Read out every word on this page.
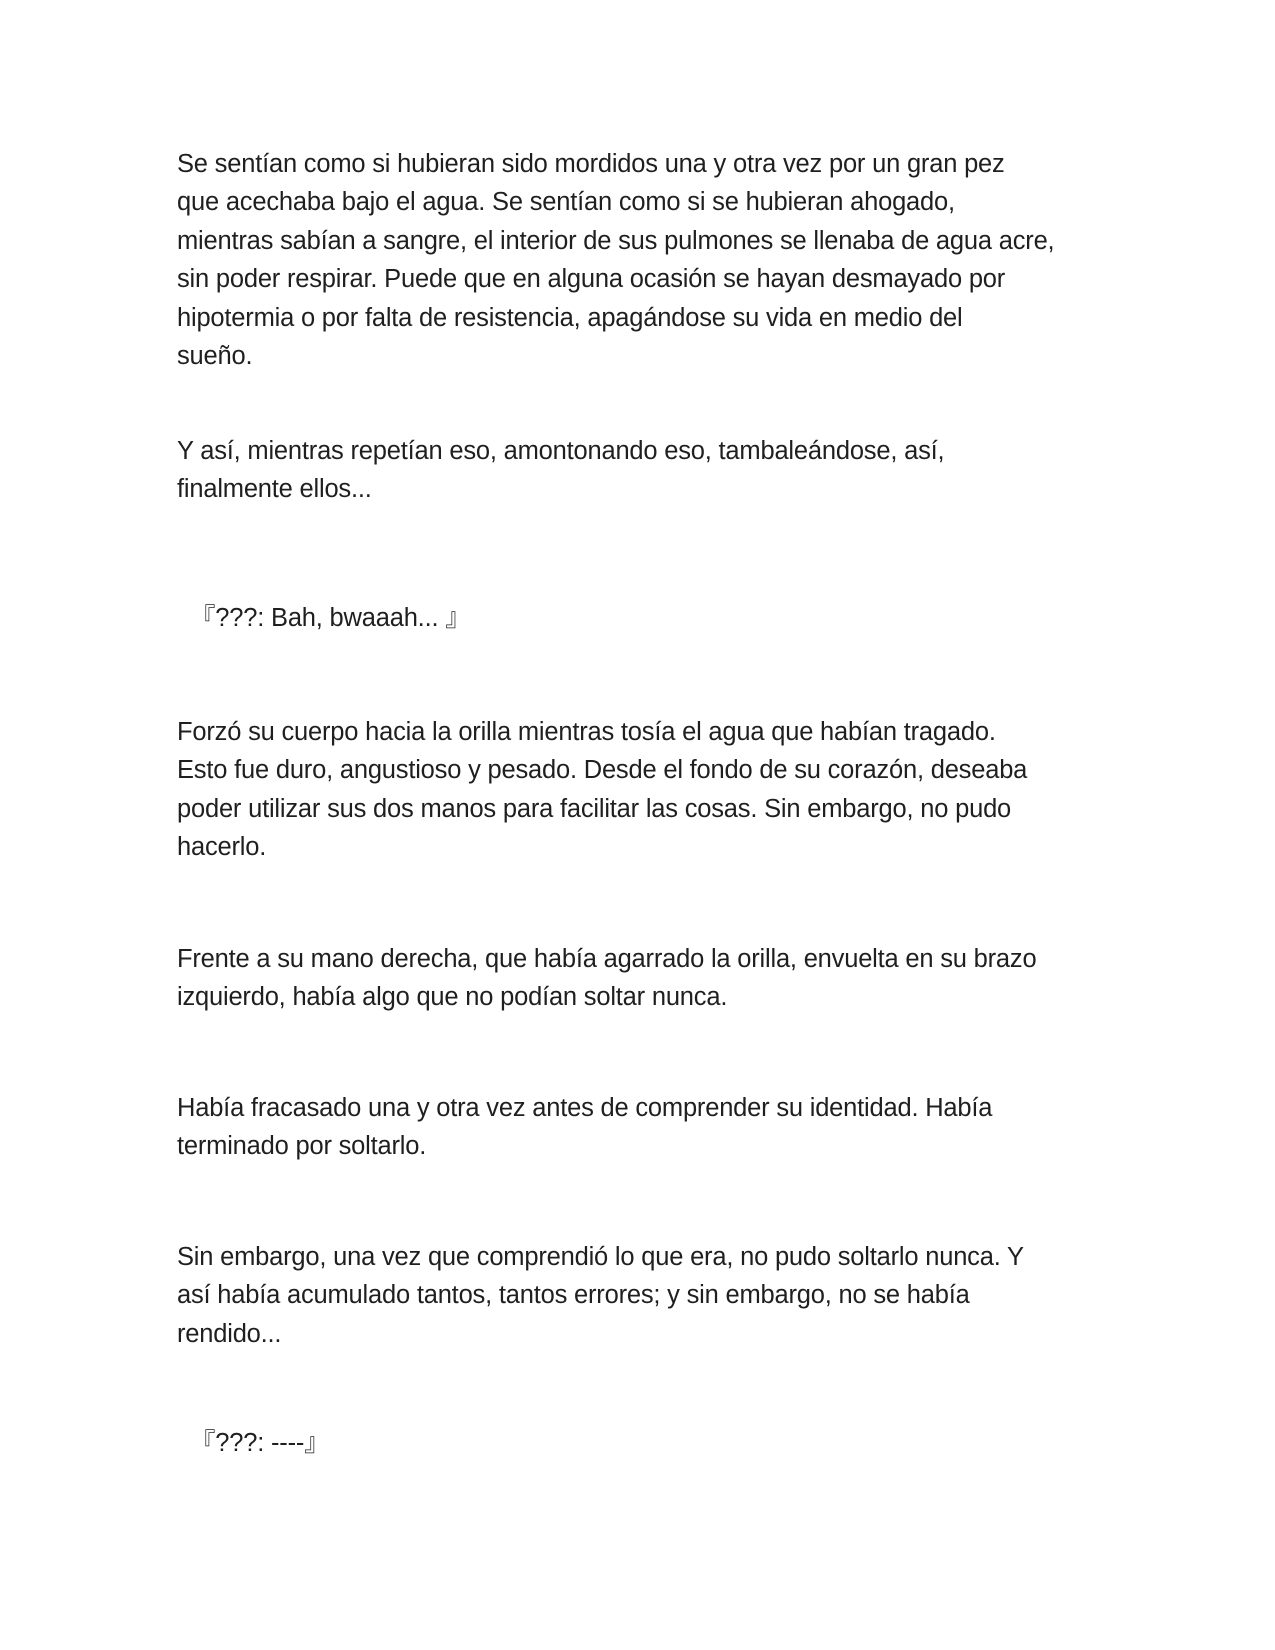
Se sentían como si hubieran sido mordidos una y otra vez por un gran pez
que acechaba bajo el agua. Se sentían como si se hubieran ahogado,
mientras sabían a sangre, el interior de sus pulmones se llenaba de agua acre,
sin poder respirar. Puede que en alguna ocasión se hayan desmayado por
hipotermia o por falta de resistencia, apagándose su vida en medio del
sueño.

Y así, mientras repetían eso, amontonando eso, tambaleándose, así,
finalmente ellos...

『???: Bah, bwaaah... 』

Forzó su cuerpo hacia la orilla mientras tosía el agua que habían tragado.
Esto fue duro, angustioso y pesado. Desde el fondo de su corazón, deseaba
poder utilizar sus dos manos para facilitar las cosas. Sin embargo, no pudo
hacerlo.

Frente a su mano derecha, que había agarrado la orilla, envuelta en su brazo
izquierdo, había algo que no podían soltar nunca.

Había fracasado una y otra vez antes de comprender su identidad. Había
terminado por soltarlo.

Sin embargo, una vez que comprendió lo que era, no pudo soltarlo nunca. Y
así había acumulado tantos, tantos errores; y sin embargo, no se había
rendido...

『???: ----』
